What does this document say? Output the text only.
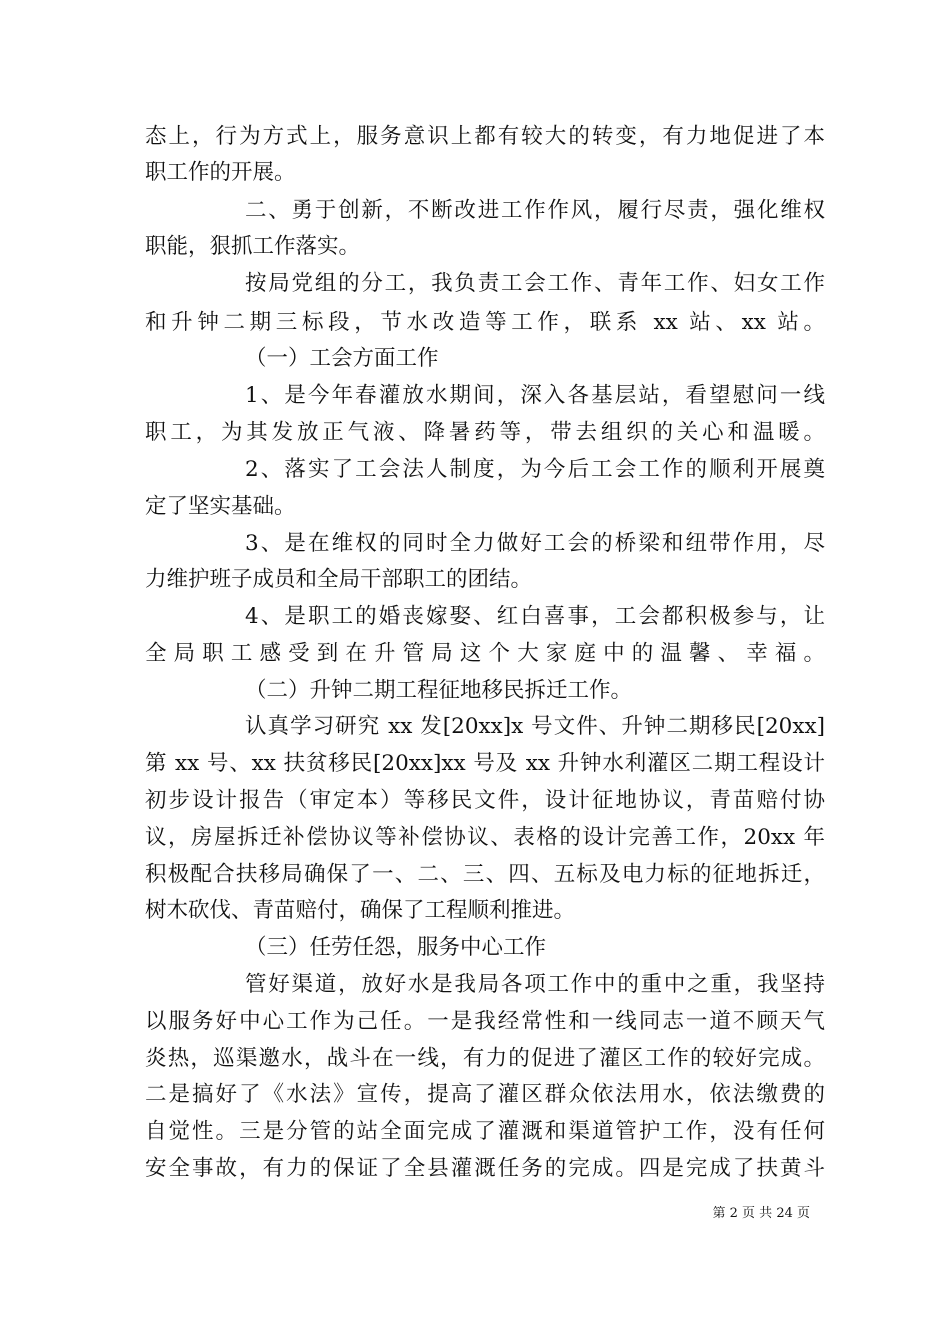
态上，行为方式上，服务意识上都有较大的转变，有力地促进了本
职工作的开展。
二、勇于创新，不断改进工作作风，履行尽责，强化维权
职能，狠抓工作落实。
按局党组的分工，我负责工会工作、青年工作、妇女工作
和升钟二期三标段，节水改造等工作，联系 xx 站、xx 站。
（一）工会方面工作
1、是今年春灌放水期间，深入各基层站，看望慰问一线
职工，为其发放正气液、降暑药等，带去组织的关心和温暖。
2、落实了工会法人制度，为今后工会工作的顺利开展奠
定了坚实基础。
3、是在维权的同时全力做好工会的桥梁和纽带作用，尽
力维护班子成员和全局干部职工的团结。
4、是职工的婚丧嫁娶、红白喜事，工会都积极参与，让
全局职工感受到在升管局这个大家庭中的温馨、幸福。
（二）升钟二期工程征地移民拆迁工作。
认真学习研究 xx 发[20xx]x 号文件、升钟二期移民[20xx]
第 xx 号、xx 扶贫移民[20xx]xx 号及 xx 升钟水利灌区二期工程设计
初步设计报告（审定本）等移民文件，设计征地协议，青苗赔付协
议，房屋拆迁补偿协议等补偿协议、表格的设计完善工作，20xx 年
积极配合扶移局确保了一、二、三、四、五标及电力标的征地拆迁，
树木砍伐、青苗赔付，确保了工程顺利推进。
（三）任劳任怨，服务中心工作
管好渠道，放好水是我局各项工作中的重中之重，我坚持
以服务好中心工作为己任。一是我经常性和一线同志一道不顾天气
炎热，巡渠邀水，战斗在一线，有力的促进了灌区工作的较好完成。
二是搞好了《水法》宣传，提高了灌区群众依法用水，依法缴费的
自觉性。三是分管的站全面完成了灌溉和渠道管护工作，没有任何
安全事故，有力的保证了全县灌溉任务的完成。四是完成了扶黄斗
第 2 页 共 24 页
